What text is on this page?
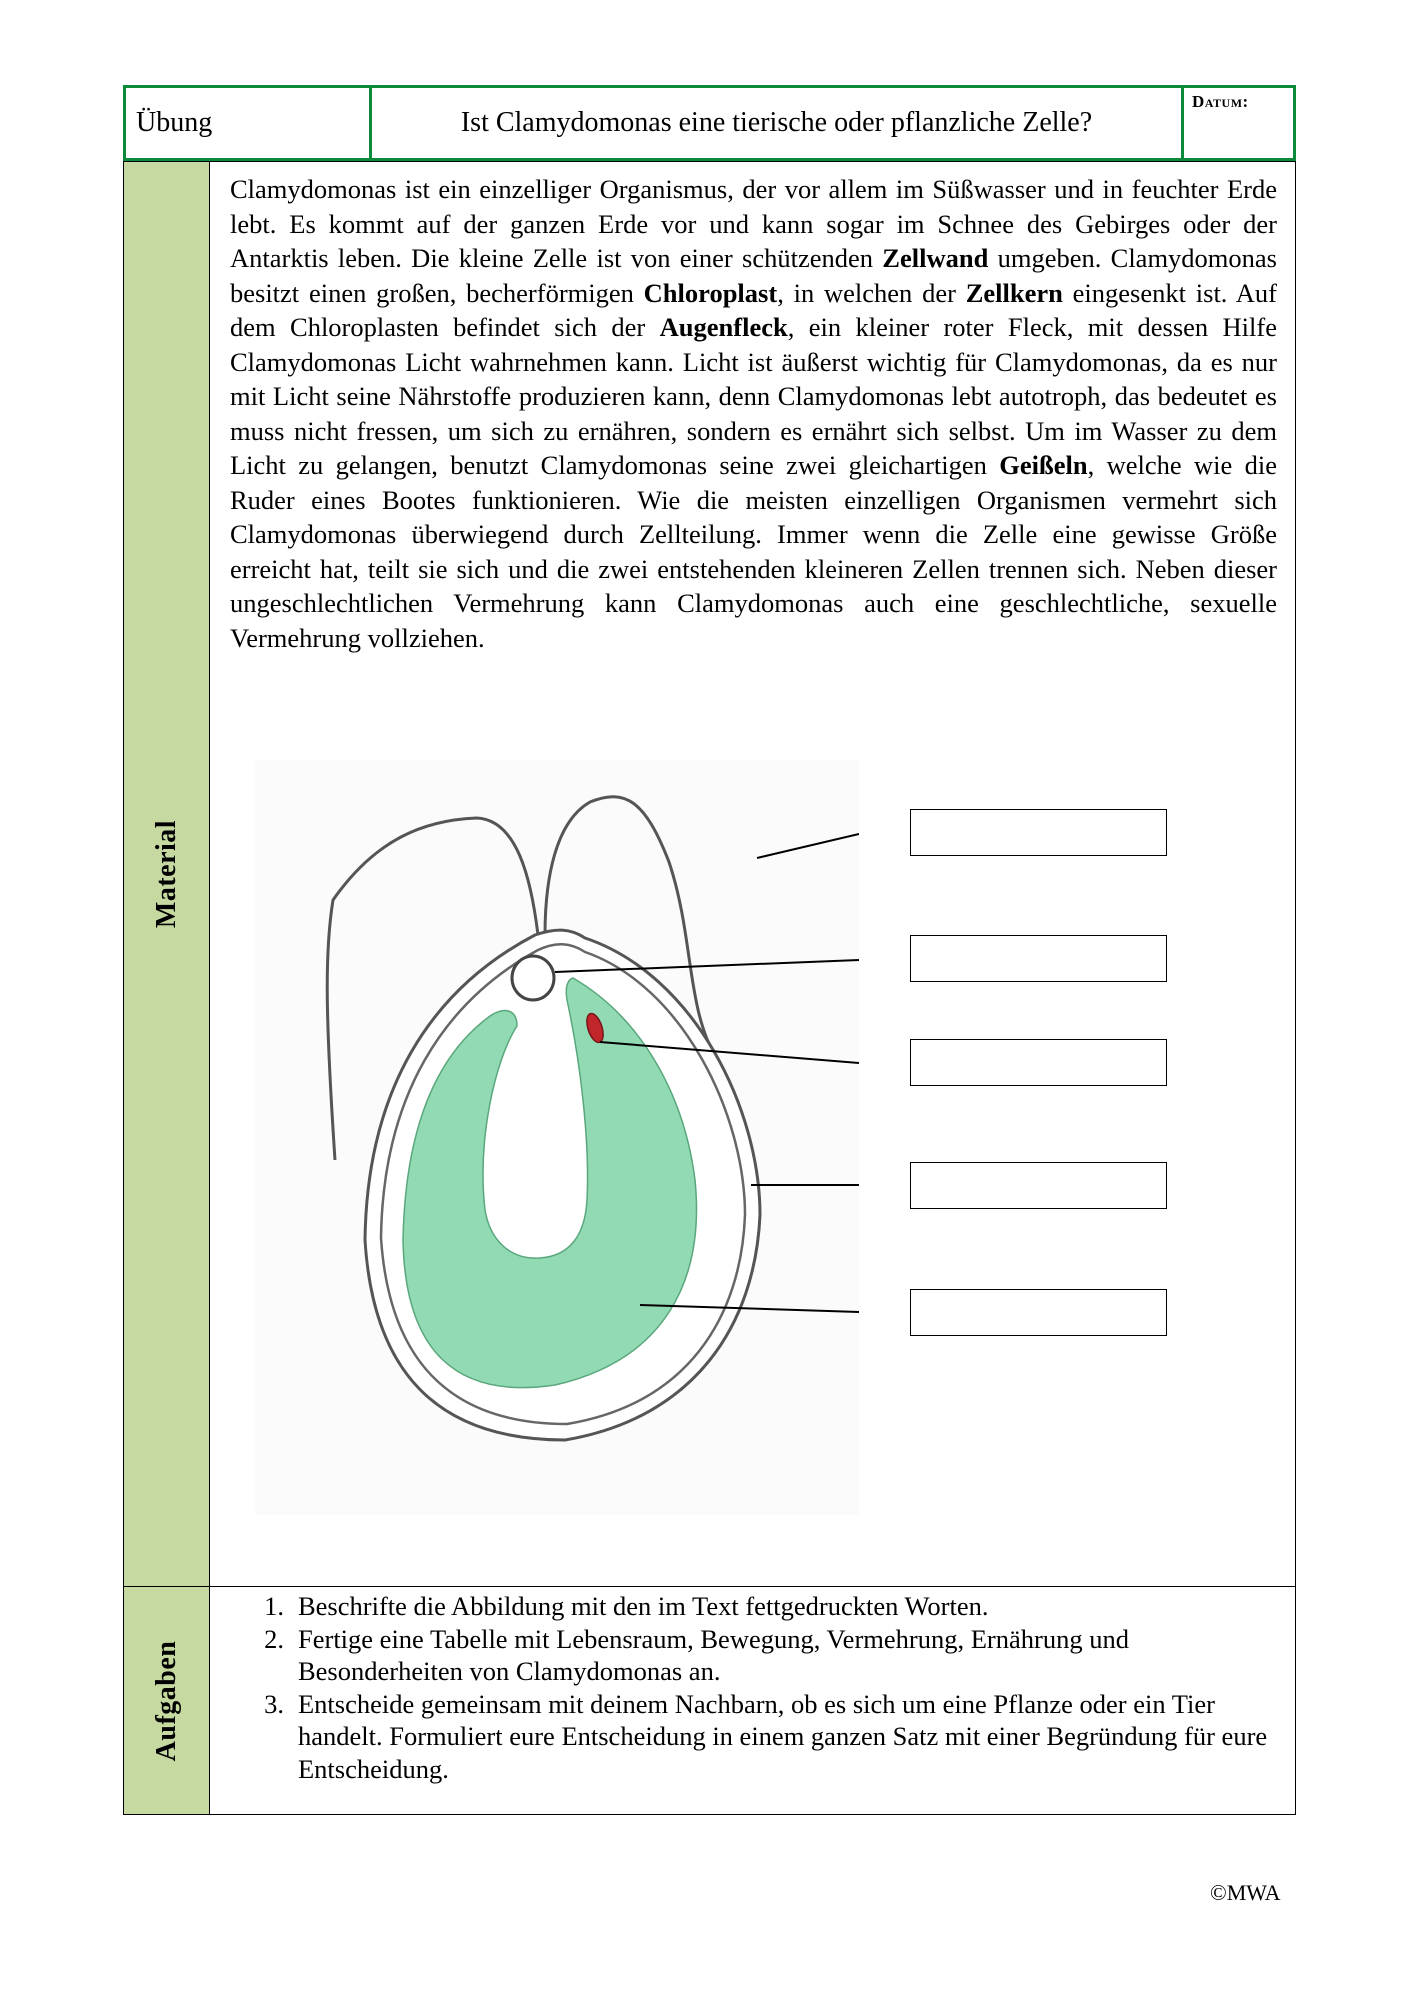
Übung	Ist Clamydomonas eine tierische oder pflanzliche Zelle?
Datum:
Material
Aufgaben
Clamydomonas ist ein einzelliger Organismus, der vor allem im Süßwasser und in feuchter Erde lebt. Es kommt auf der ganzen Erde vor und kann sogar im Schnee des Gebirges oder der Antarktis leben. Die kleine Zelle ist von einer schützenden Zellwand umgeben. Clamydomonas besitzt einen großen, becherförmigen Chloroplast, in welchen der Zellkern eingesenkt ist. Auf dem Chloroplasten befindet sich der Augenfleck, ein kleiner roter Fleck, mit dessen Hilfe Clamydomonas Licht wahrnehmen kann. Licht ist äußerst wichtig für Clamydomonas, da es nur mit Licht seine Nährstoffe produzieren kann, denn Clamydomonas lebt autotroph, das bedeutet es muss nicht fressen, um sich zu ernähren, sondern es ernährt sich selbst. Um im Wasser zu dem Licht zu gelangen, benutzt Clamydomonas seine zwei gleichartigen Geißeln, welche wie die Ruder eines Bootes funktionieren. Wie die meisten einzelligen Organismen vermehrt sich Clamydomonas überwiegend durch Zellteilung. Immer wenn die Zelle eine gewisse Größe erreicht hat, teilt sie sich und die zwei entstehenden kleineren Zellen trennen sich. Neben dieser ungeschlechtlichen Vermehrung kann Clamydomonas auch eine geschlechtliche, sexuelle Vermehrung vollziehen.
1. Beschrifte die Abbildung mit den im Text fettgedruckten Worten.
2. Fertige eine Tabelle mit Lebensraum, Bewegung, Vermehrung, Ernährung und Besonderheiten von Clamydomonas an.
3. Entscheide gemeinsam mit deinem Nachbarn, ob es sich um eine Pflanze oder ein Tier handelt. Formuliert eure Entscheidung in einem ganzen Satz mit einer Begründung für eure Entscheidung.
©MWA
